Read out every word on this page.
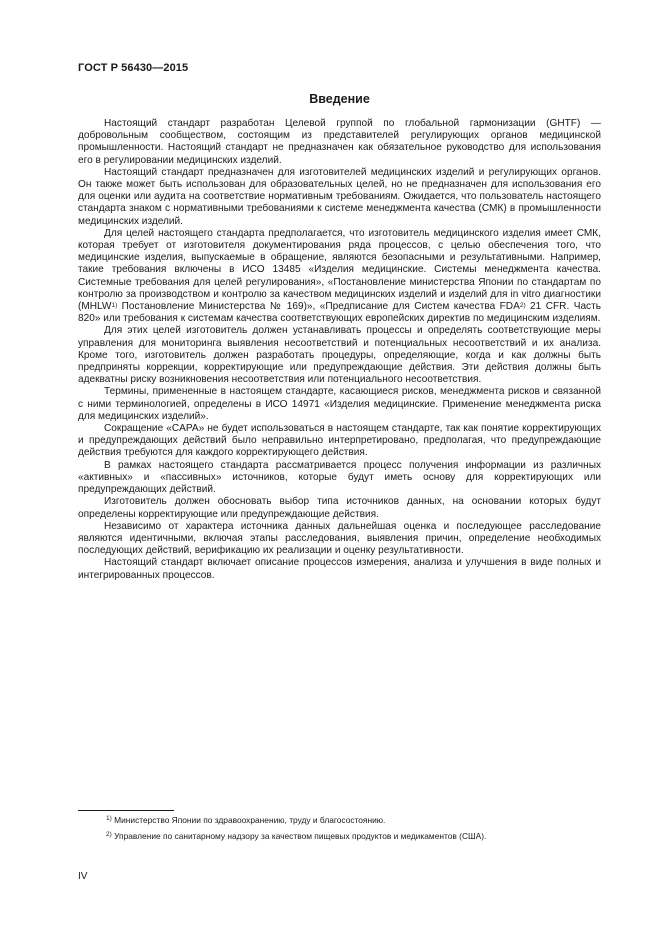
ГОСТ Р 56430—2015
Введение

Настоящий стандарт разработан Целевой группой по глобальной гармонизации (GHTF) — добровольным сообществом, состоящим из представителей регулирующих органов медицинской промышленности. Настоящий стандарт не предназначен как обязательное руководство для использования его в регулировании медицинских изделий.

Настоящий стандарт предназначен для изготовителей медицинских изделий и регулирующих органов. Он также может быть использован для образовательных целей, но не предназначен для использования его для оценки или аудита на соответствие нормативным требованиям. Ожидается, что пользователь настоящего стандарта знаком с нормативными требованиями к системе менеджмента качества (СМК) в промышленности медицинских изделий.

Для целей настоящего стандарта предполагается, что изготовитель медицинского изделия имеет СМК, которая требует от изготовителя документирования ряда процессов, с целью обеспечения того, что медицинские изделия, выпускаемые в обращение, являются безопасными и результативными. Например, такие требования включены в ИСО 13485 «Изделия медицинские. Системы менеджмента качества. Системные требования для целей регулирования», «Постановление министерства Японии по стандартам по контролю за производством и контролю за качеством медицинских изделий и изделий для in vitro диагностики (MHLW$^{1)}$ Постановление Министерства № 169)», «Предписание для Систем качества FDA$^{2)}$ 21 CFR. Часть 820» или требования к системам качества соответствующих европейских директив по медицинским изделиям.

Для этих целей изготовитель должен устанавливать процессы и определять соответствующие меры управления для мониторинга выявления несоответствий и потенциальных несоответствий и их анализа. Кроме того, изготовитель должен разработать процедуры, определяющие, когда и как должны быть предприняты коррекции, корректирующие или предупреждающие действия. Эти действия должны быть адекватны риску возникновения несоответствия или потенциального несоответствия.

Термины, примененные в настоящем стандарте, касающиеся рисков, менеджмента рисков и связанной с ними терминологией, определены в ИСО 14971 «Изделия медицинские. Применение менеджмента риска для медицинских изделий».

Сокращение «CAPA» не будет использоваться в настоящем стандарте, так как понятие корректирующих и предупреждающих действий было неправильно интерпретировано, предполагая, что предупреждающие действия требуются для каждого корректирующего действия.

В рамках настоящего стандарта рассматривается процесс получения информации из различных «активных» и «пассивных» источников, которые будут иметь основу для корректирующих или предупреждающих действий.

Изготовитель должен обосновать выбор типа источников данных, на основании которых будут определены корректирующие или предупреждающие действия.

Независимо от характера источника данных дальнейшая оценка и последующее расследование являются идентичными, включая этапы расследования, выявления причин, определение необходимых последующих действий, верификацию их реализации и оценку результативности.

Настоящий стандарт включает описание процессов измерения, анализа и улучшения в виде полных и интегрированных процессов.

$^{1)}$ Министерство Японии по здравоохранению, труду и благосостоянию.

$^{2)}$ Управление по санитарному надзору за качеством пищевых продуктов и медикаментов (США).

IV
